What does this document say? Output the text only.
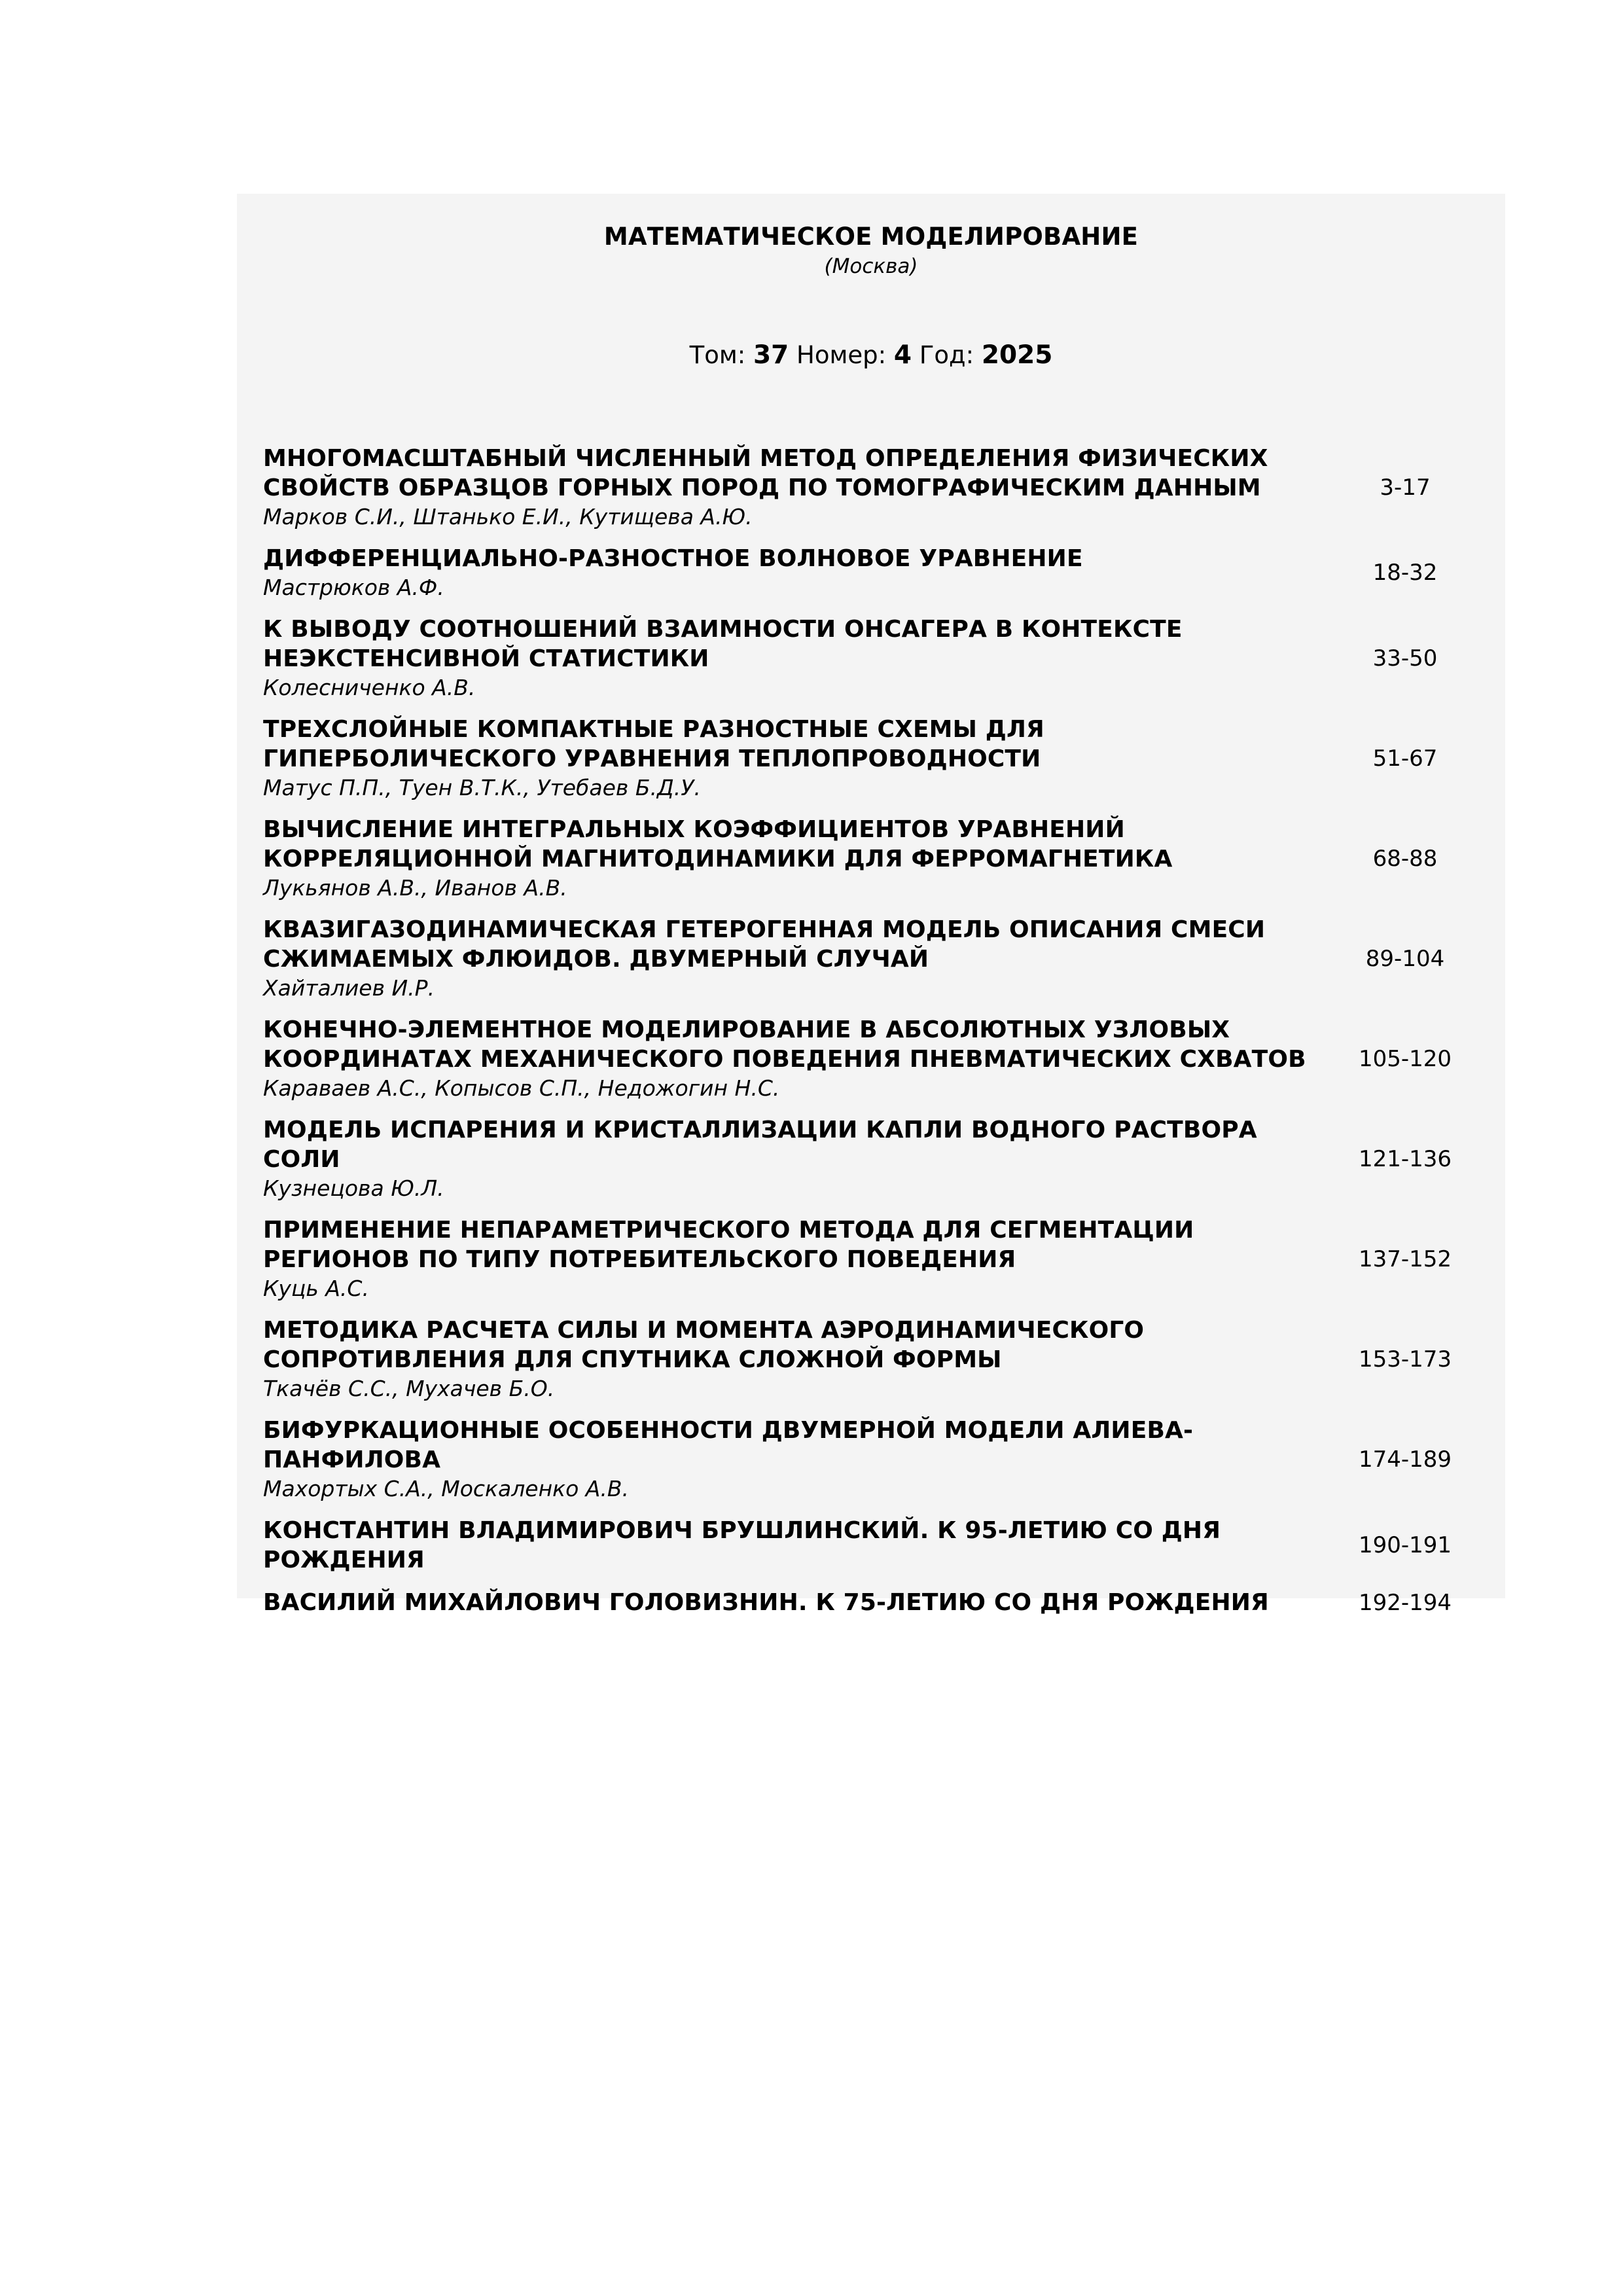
МАТЕМАТИЧЕСКОЕ МОДЕЛИРОВАНИЕ
(Москва)
Том: 37 Номер: 4 Год: 2025
МНОГОМАСШТАБНЫЙ ЧИСЛЕННЫЙ МЕТОД ОПРЕДЕЛЕНИЯ ФИЗИЧЕСКИХ СВОЙСТВ ОБРАЗЦОВ ГОРНЫХ ПОРОД ПО ТОМОГРАФИЧЕСКИМ ДАННЫМ
Марков С.И., Штанько Е.И., Кутищева А.Ю.
3-17
ДИФФЕРЕНЦИАЛЬНО-РАЗНОСТНОЕ ВОЛНОВОЕ УРАВНЕНИЕ
Мастрюков А.Ф.
18-32
К ВЫВОДУ СООТНОШЕНИЙ ВЗАИМНОСТИ ОНСАГЕРА В КОНТЕКСТЕ НЕЭКСТЕНСИВНОЙ СТАТИСТИКИ
Колесниченко А.В.
33-50
ТРЕХСЛОЙНЫЕ КОМПАКТНЫЕ РАЗНОСТНЫЕ СХЕМЫ ДЛЯ ГИПЕРБОЛИЧЕСКОГО УРАВНЕНИЯ ТЕПЛОПРОВОДНОСТИ
Матус П.П., Туен В.Т.К., Утебаев Б.Д.У.
51-67
ВЫЧИСЛЕНИЕ ИНТЕГРАЛЬНЫХ КОЭФФИЦИЕНТОВ УРАВНЕНИЙ КОРРЕЛЯЦИОННОЙ МАГНИТОДИНАМИКИ ДЛЯ ФЕРРОМАГНЕТИКА
Лукьянов А.В., Иванов А.В.
68-88
КВАЗИГАЗОДИНАМИЧЕСКАЯ ГЕТЕРОГЕННАЯ МОДЕЛЬ ОПИСАНИЯ СМЕСИ СЖИМАЕМЫХ ФЛЮИДОВ. ДВУМЕРНЫЙ СЛУЧАЙ
Хайталиев И.Р.
89-104
КОНЕЧНО-ЭЛЕМЕНТНОЕ МОДЕЛИРОВАНИЕ В АБСОЛЮТНЫХ УЗЛОВЫХ КООРДИНАТАХ МЕХАНИЧЕСКОГО ПОВЕДЕНИЯ ПНЕВМАТИЧЕСКИХ СХВАТОВ
Караваев А.С., Копысов С.П., Недожогин Н.С.
105-120
МОДЕЛЬ ИСПАРЕНИЯ И КРИСТАЛЛИЗАЦИИ КАПЛИ ВОДНОГО РАСТВОРА СОЛИ
Кузнецова Ю.Л.
121-136
ПРИМЕНЕНИЕ НЕПАРАМЕТРИЧЕСКОГО МЕТОДА ДЛЯ СЕГМЕНТАЦИИ РЕГИОНОВ ПО ТИПУ ПОТРЕБИТЕЛЬСКОГО ПОВЕДЕНИЯ
Куць А.С.
137-152
МЕТОДИКА РАСЧЕТА СИЛЫ И МОМЕНТА АЭРОДИНАМИЧЕСКОГО СОПРОТИВЛЕНИЯ ДЛЯ СПУТНИКА СЛОЖНОЙ ФОРМЫ
Ткачёв С.С., Мухачев Б.О.
153-173
БИФУРКАЦИОННЫЕ ОСОБЕННОСТИ ДВУМЕРНОЙ МОДЕЛИ АЛИЕВА-ПАНФИЛОВА
Махортых С.А., Москаленко А.В.
174-189
КОНСТАНТИН ВЛАДИМИРОВИЧ БРУШЛИНСКИЙ. К 95-ЛЕТИЮ СО ДНЯ РОЖДЕНИЯ
190-191
ВАСИЛИЙ МИХАЙЛОВИЧ ГОЛОВИЗНИН. К 75-ЛЕТИЮ СО ДНЯ РОЖДЕНИЯ	192-194
